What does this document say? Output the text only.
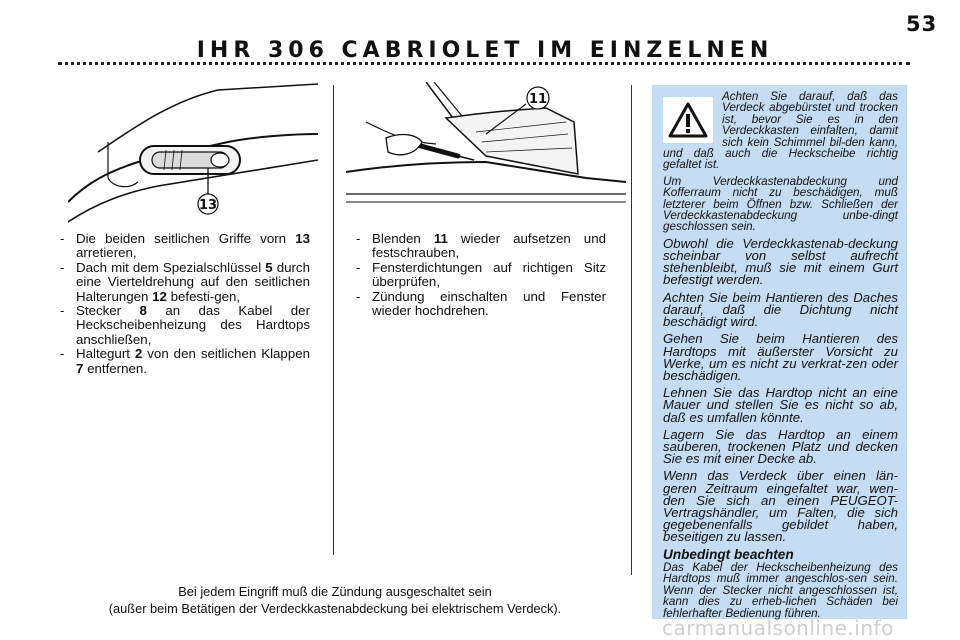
53
IHR 306 CABRIOLET IM EINZELNEN
13
11
- Die beiden seitlichen Griffe vorn 13 arretieren,
- Dach mit dem Spezialschlüssel 5 durch eine Vierteldrehung auf den seitlichen Halterungen 12 befesti-gen,
- Stecker 8 an das Kabel der Heckscheibenheizung des Hardtops anschließen,
- Haltegurt 2 von den seitlichen Klappen 7 entfernen.
- Blenden 11 wieder aufsetzen und festschrauben,
- Fensterdichtungen auf richtigen Sitz überprüfen,
- Zündung einschalten und Fenster wieder hochdrehen.
Bei jedem Eingriff muß die Zündung ausgeschaltet sein
(außer beim Betätigen der Verdeckkastenabdeckung bei elektrischem Verdeck).

Achten Sie darauf, daß das Verdeck abgebürstet und trocken ist, bevor Sie es in den Verdeckkasten einfalten, damit sich kein Schimmel bil-den kann, und daß auch die Heckscheibe richtig gefaltet ist.

Um Verdeckkastenabdeckung und Kofferraum nicht zu beschädigen, muß letzterer beim Öffnen bzw. Schließen der Verdeckkastenabdeckung unbe-dingt geschlossen sein.

Obwohl die Verdeckkastenab-deckung scheinbar von selbst aufrecht stehenbleibt, muß sie mit einem Gurt befestigt werden.

Achten Sie beim Hantieren des Daches darauf, daß die Dichtung nicht beschädigt wird.

Gehen Sie beim Hantieren des Hardtops mit äußerster Vorsicht zu Werke, um es nicht zu verkrat-zen oder beschädigen.

Lehnen Sie das Hardtop nicht an eine Mauer und stellen Sie es nicht so ab, daß es umfallen könnte.

Lagern Sie das Hardtop an einem sauberen, trockenen Platz und decken Sie es mit einer Decke ab.

Wenn das Verdeck über einen län-geren Zeitraum eingefaltet war, wen-den Sie sich an einen PEUGEOT-Vertragshändler, um Falten, die sich gegebenenfalls gebildet haben, beseitigen zu lassen.

Unbedingt beachten

Das Kabel der Heckscheibenheizung des Hardtops muß immer angeschlos-sen sein. Wenn der Stecker nicht angeschlossen ist, kann dies zu erheb-lichen Schäden bei fehlerhafter Bedienung führen.

carmanualsonline.info
